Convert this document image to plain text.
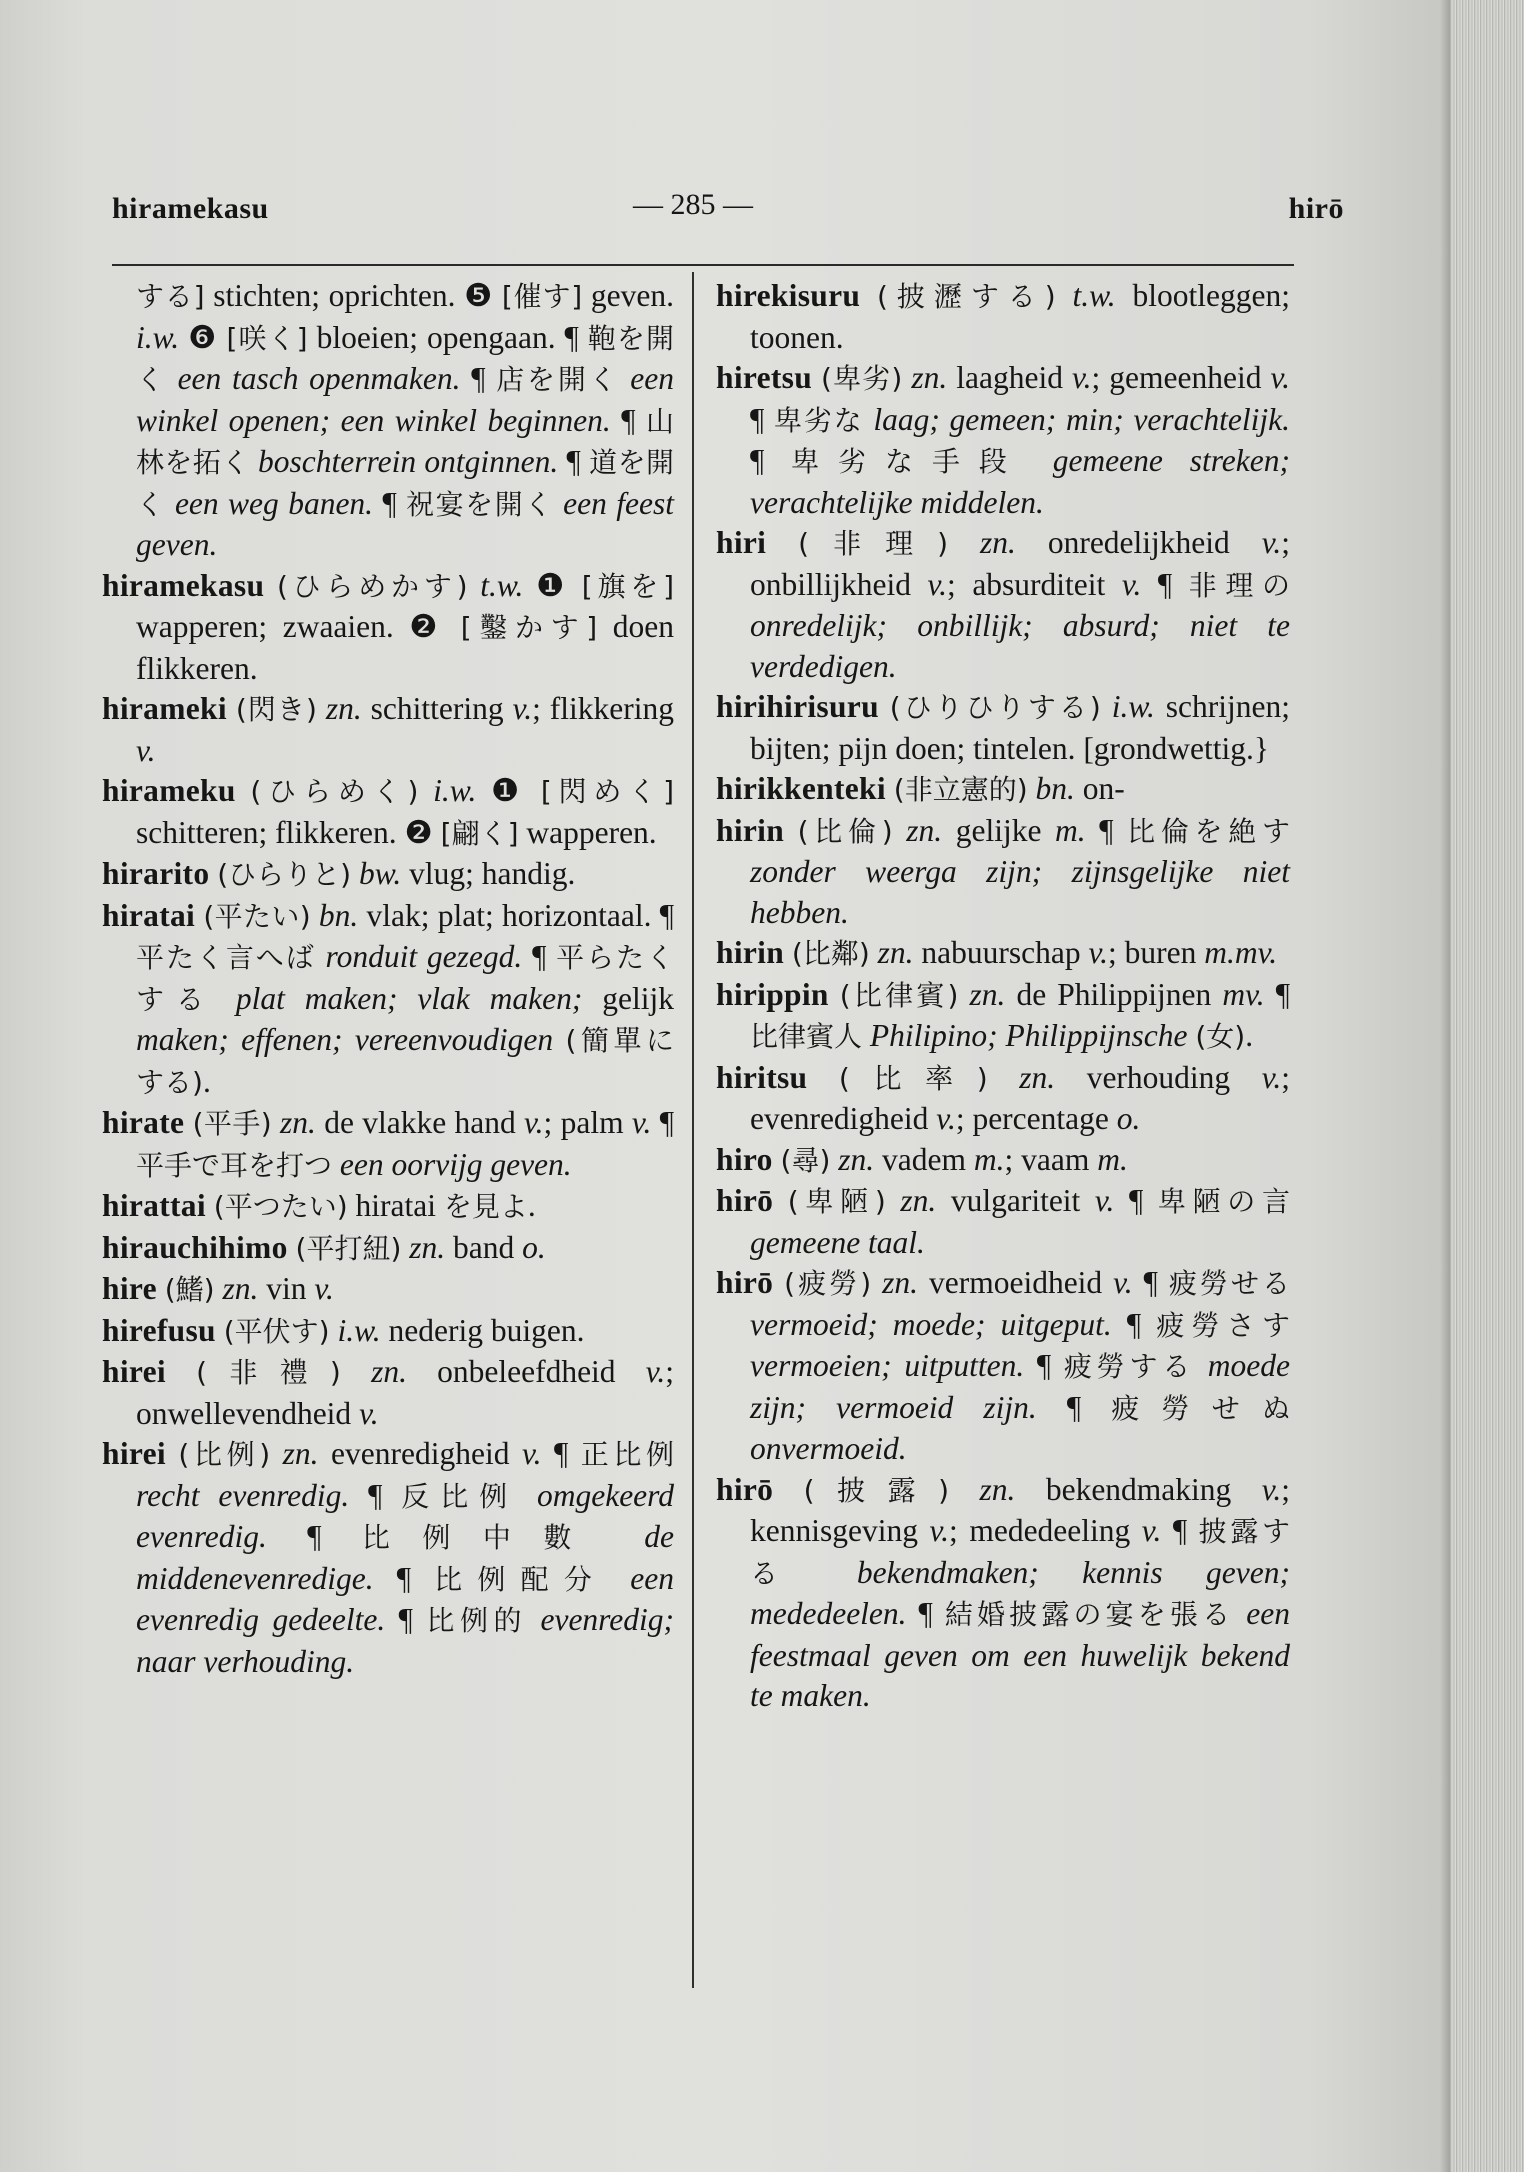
hiramekasu	— 285 —	hirō

する] stichten; oprichten. ❺ [催す] geven. i.w. ❻ [咲く] bloeien; opengaan. ¶ 鞄を開く een tasch openmaken. ¶ 店を開く een winkel openen; een winkel beginnen. ¶ 山林を拓く boschterrein ontginnen. ¶ 道を開く een weg banen. ¶ 祝宴を開く een feest geven.

hiramekasu (ひらめかす) t.w. ❶ [旗を] wapperen; zwaaien. ❷ [鑿かす] doen flikkeren.

hirameki (閃き) zn. schittering v.; flikkering v.

hirameku (ひらめく) i.w. ❶ [閃めく] schitteren; flikkeren. ❷ [翩く] wapperen.

hirarito (ひらりと) bw. vlug; handig.

hiratai (平たい) bn. vlak; plat; horizontaal. ¶ 平たく言へば ronduit gezegd. ¶ 平らたくする plat maken; vlak maken; gelijk maken; effenen; vereenvoudigen (簡單にする).

hirate (平手) zn. de vlakke hand v.; palm v. ¶ 平手で耳を打つ een oorvijg geven.

hirattai (平つたい) hiratai を見よ.

hirauchihimo (平打紐) zn. band o.

hire (鰭) zn. vin v.

hirefusu (平伏す) i.w. nederig buigen.

hirei (非禮) zn. onbeleefdheid v.; onwellevendheid v.

hirei (比例) zn. evenredigheid v. ¶ 正比例 recht evenredig. ¶ 反比例 omgekeerd evenredig. ¶ 比例中數 de middenevenredige. ¶ 比例配分 een evenredig gedeelte. ¶ 比例的 evenredig; naar verhouding.

hirekisuru (披瀝する) t.w. blootleggen; toonen.

hiretsu (卑劣) zn. laagheid v.; gemeenheid v. ¶ 卑劣な laag; gemeen; min; verachtelijk. ¶ 卑劣な手段 gemeene streken; verachtelijke middelen.

hiri (非理) zn. onredelijkheid v.; onbillijkheid v.; absurditeit v. ¶ 非理の onredelijk; onbillijk; absurd; niet te verdedigen.

hirihirisuru (ひりひりする) i.w. schrijnen; bijten; pijn doen; tintelen. [grondwettig.}

hirikkenteki (非立憲的) bn. on-

hirin (比倫) zn. gelijke m. ¶ 比倫を絶す zonder weerga zijn; zijnsgelijke niet hebben.

hirin (比鄰) zn. nabuurschap v.; buren m.mv.

hirippin (比律賓) zn. de Philippijnen mv. ¶ 比律賓人 Philipino; Philippijnsche (女).

hiritsu (比率) zn. verhouding v.; evenredigheid v.; percentage o.

hiro (尋) zn. vadem m.; vaam m.

hirō (卑陋) zn. vulgariteit v. ¶ 卑陋の言 gemeene taal.

hirō (疲勞) zn. vermoeidheid v. ¶ 疲勞せる vermoeid; moede; uitgeput. ¶ 疲勞さす vermoeien; uitputten. ¶ 疲勞する moede zijn; vermoeid zijn. ¶ 疲勞せぬ onvermoeid.

hirō (披露) zn. bekendmaking v.; kennisgeving v.; mededeeling v. ¶ 披露する bekendmaken; kennis geven; mededeelen. ¶ 結婚披露の宴を張る een feestmaal geven om een huwelijk bekend te maken.
